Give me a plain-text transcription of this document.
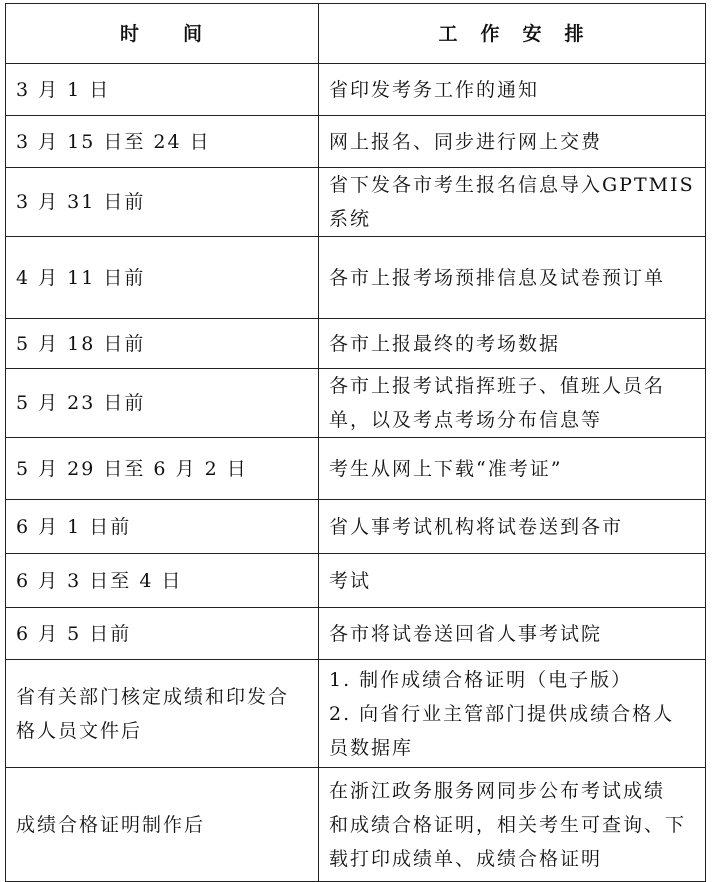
时　　间	工　作　安　排
3 月 1 日	省印发考务工作的通知

3 月 15 日至 24 日	网上报名、同步进行网上交费

3 月 31 日前	省下发各市考生报名信息导入GPTMIS
系统

4 月 11 日前	各市上报考场预排信息及试卷预订单

5 月 18 日前	各市上报最终的考场数据

5 月 23 日前	各市上报考试指挥班子、值班人员名
单，以及考点考场分布信息等

5 月 29 日至 6 月 2 日	考生从网上下载“准考证”

6 月 1 日前	省人事考试机构将试卷送到各市

6 月 3 日至 4 日	考试

6 月 5 日前	各市将试卷送回省人事考试院

省有关部门核定成绩和印发合格人员文件后	1. 制作成绩合格证明（电子版）
2. 向省行业主管部门提供成绩合格人
员数据库

成绩合格证明制作后	在浙江政务服务网同步公布考试成绩
和成绩合格证明，相关考生可查询、下
载打印成绩单、成绩合格证明
